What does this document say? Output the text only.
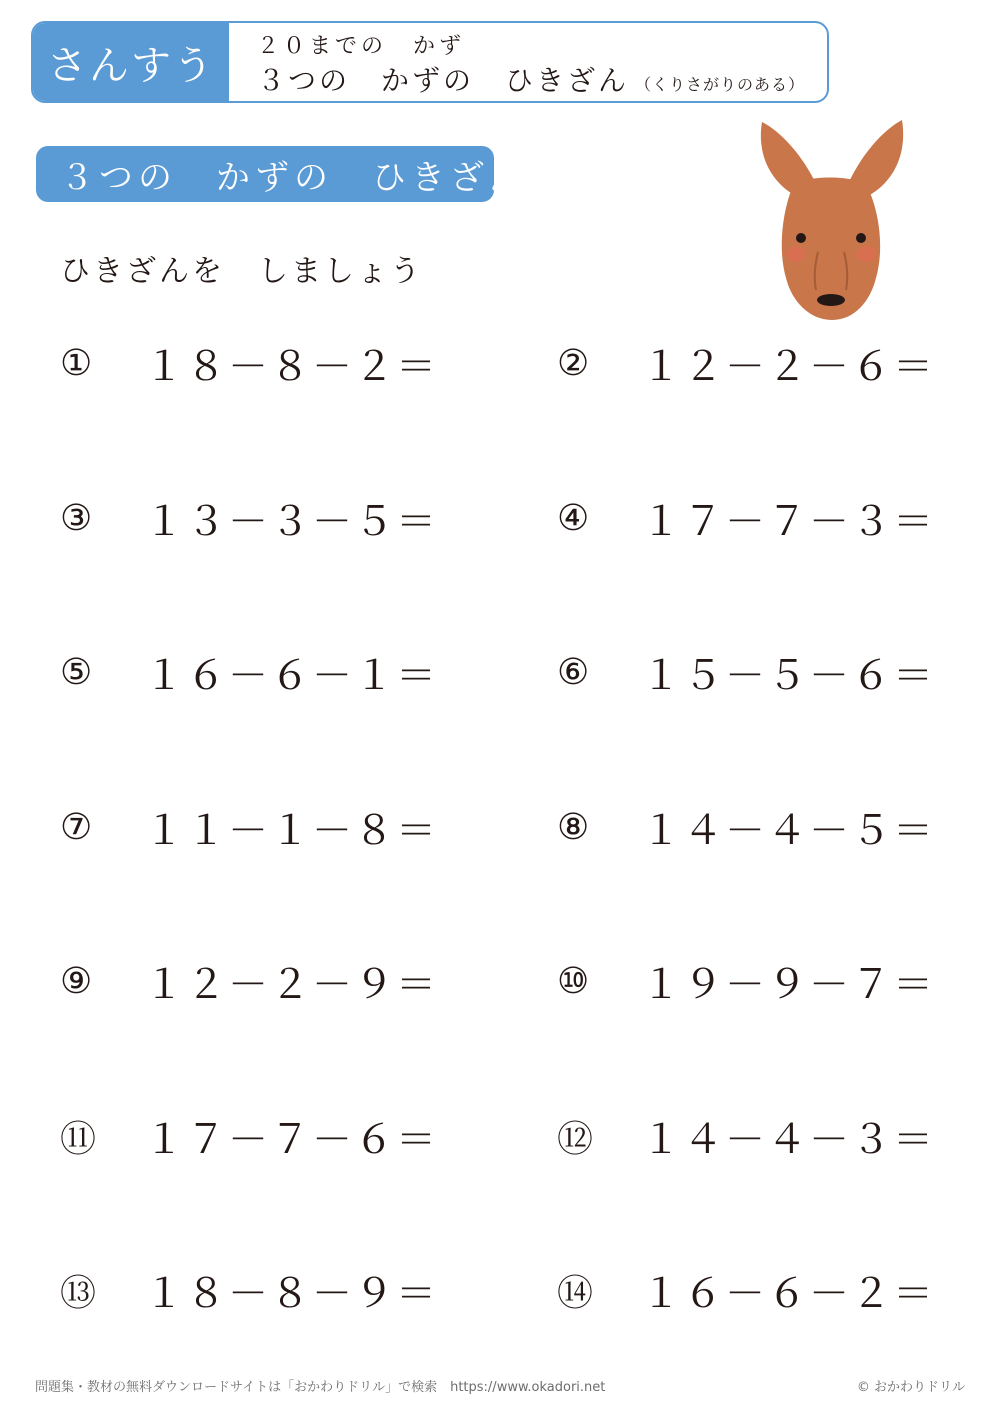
さんすう	２０までの　かず
３つの　かずの　ひきざん （くりさがりのある）
３つの　かずの　ひきざん
ひきざんを　しましょう
①	１８－８－２＝	②	１２－２－６＝
③	１３－３－５＝	④	１７－７－３＝
⑤	１６－６－１＝	⑥	１５－５－６＝
⑦	１１－１－８＝	⑧	１４－４－５＝
⑨	１２－２－９＝	⑩	１９－９－７＝
⑪	１７－７－６＝	⑫	１４－４－３＝
⑬	１８－８－９＝	⑭	１６－６－２＝
問題集・教材の無料ダウンロードサイトは「おかわりドリル」で検索　https://www.okadori.net	© おかわりドリル
